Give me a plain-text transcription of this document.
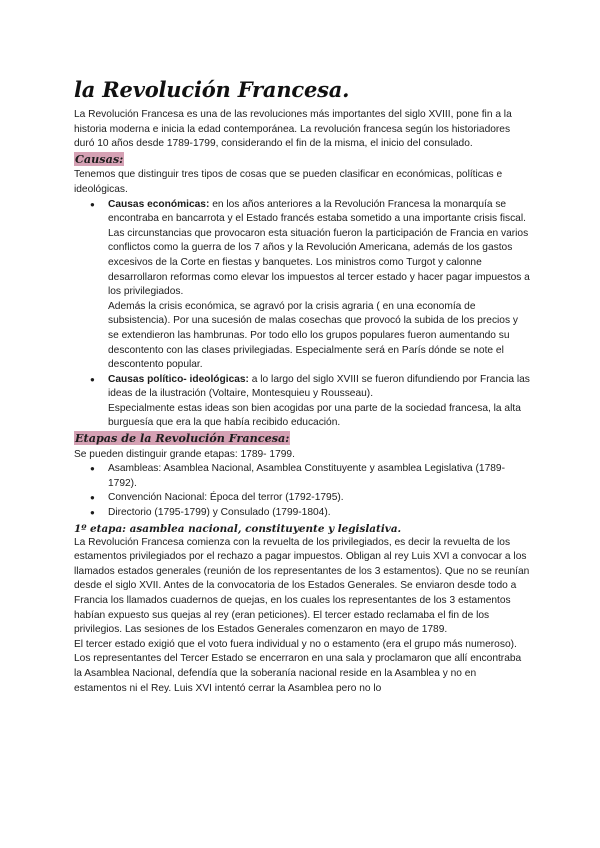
la Revolución Francesa.

La Revolución Francesa es una de las revoluciones más importantes del siglo XVIII, pone fin a la historia moderna e inicia la edad contemporánea. La revolución francesa según los historiadores duró 10 años desde 1789-1799, considerando el fin de la misma, el inicio del consulado.

Causas:

Tenemos que distinguir tres tipos de cosas que se pueden clasificar en económicas, políticas e ideológicas.

● Causas económicas: en los años anteriores a la Revolución Francesa la monarquía se encontraba en bancarrota y el Estado francés estaba sometido a una importante crisis fiscal. Las circunstancias que provocaron esta situación fueron la participación de Francia en varios conflictos como la guerra de los 7 años y la Revolución Americana, además de los gastos excesivos de la Corte en fiestas y banquetes. Los ministros como Turgot y calonne desarrollaron reformas como elevar los impuestos al tercer estado y hacer pagar impuestos a los privilegiados.
Además la crisis económica, se agravó por la crisis agraria ( en una economía de subsistencia). Por una sucesión de malas cosechas que provocó la subida de los precios y se extendieron las hambrunas. Por todo ello los grupos populares fueron aumentando su descontento con las clases privilegiadas. Especialmente será en París dónde se note el descontento popular.
● Causas político- ideológicas: a lo largo del siglo XVIII se fueron difundiendo por Francia las ideas de la ilustración (Voltaire, Montesquieu y Rousseau).
Especialmente estas ideas son bien acogidas por una parte de la sociedad francesa, la alta burguesía que era la que había recibido educación.
Etapas de la Revolución Francesa:

Se pueden distinguir grande etapas: 1789- 1799.

● Asambleas: Asamblea Nacional, Asamblea Constituyente y asamblea Legislativa (1789-1792).
● Convención Nacional: Época del terror (1792-1795).
● Directorio (1795-1799) y Consulado (1799-1804).
1º etapa: asamblea nacional, constituyente y legislativa.

La Revolución Francesa comienza con la revuelta de los privilegiados, es decir la revuelta de los estamentos privilegiados por el rechazo a pagar impuestos. Obligan al rey Luis XVI a convocar a los llamados estados generales (reunión de los representantes de los 3 estamentos). Que no se reunían desde el siglo XVII. Antes de la convocatoria de los Estados Generales. Se enviaron desde todo a Francia los llamados cuadernos de quejas, en los cuales los representantes de los 3 estamentos habían expuesto sus quejas al rey (eran peticiones). El tercer estado reclamaba el fin de los privilegios. Las sesiones de los Estados Generales comenzaron en mayo de 1789.

El tercer estado exigió que el voto fuera individual y no o estamento (era el grupo más numeroso).

Los representantes del Tercer Estado se encerraron en una sala y proclamaron que allí encontraba la Asamblea Nacional, defendía que la soberanía nacional reside en la Asamblea y no en estamentos ni el Rey. Luis XVI intentó cerrar la Asamblea pero no lo
